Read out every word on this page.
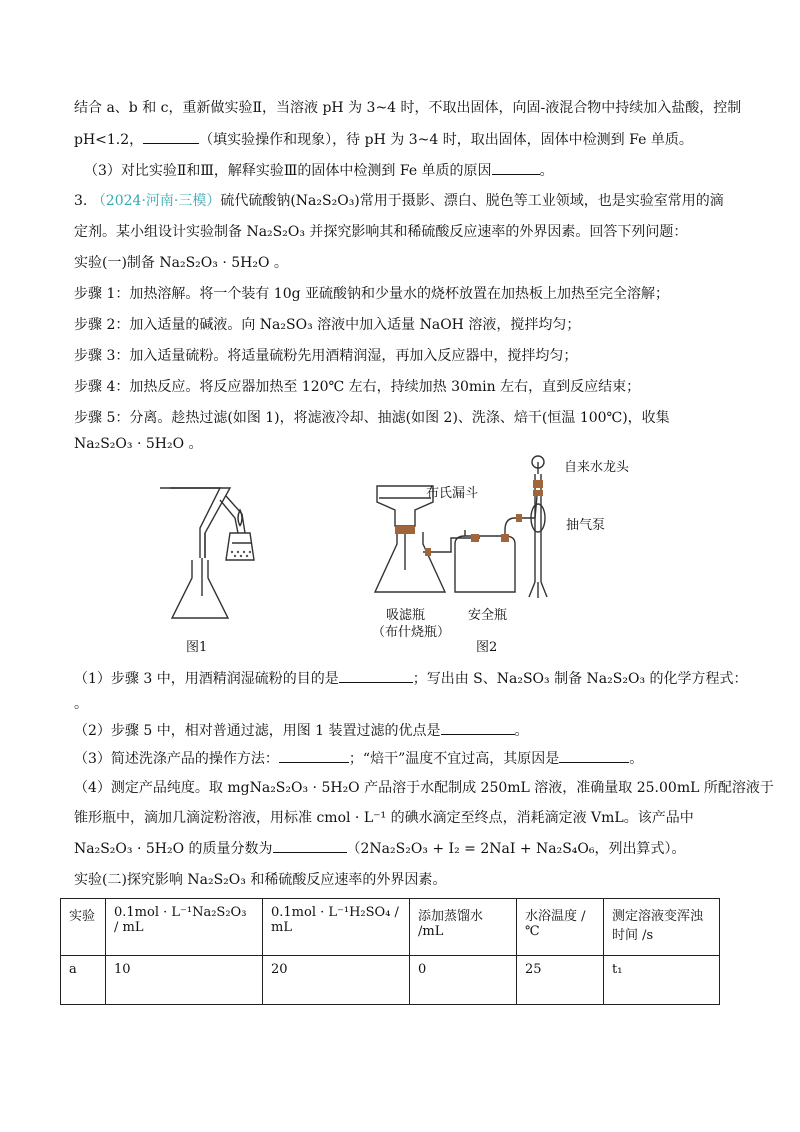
结合 a、b 和 c，重新做实验Ⅱ，当溶液 pH 为 3~4 时，不取出固体，向固-液混合物中持续加入盐酸，控制
pH<1.2，	（填实验操作和现象），待 pH 为 3~4 时，取出固体，固体中检测到 Fe 单质。
（3）对比实验Ⅱ和Ⅲ，解释实验Ⅲ的固体中检测到 Fe 单质的原因	。
3. （2024·河南·三模）硫代硫酸钠(Na₂S₂O₃)常用于摄影、漂白、脱色等工业领域，也是实验室常用的滴
定剂。某小组设计实验制备 Na₂S₂O₃ 并探究影响其和稀硫酸反应速率的外界因素。回答下列问题：
实验(一)制备 Na₂S₂O₃ · 5H₂O 。
步骤 1：加热溶解。将一个装有 10g 亚硫酸钠和少量水的烧杯放置在加热板上加热至完全溶解；
步骤 2：加入适量的碱液。向 Na₂SO₃ 溶液中加入适量 NaOH 溶液，搅拌均匀；
步骤 3：加入适量硫粉。将适量硫粉先用酒精润湿，再加入反应器中，搅拌均匀；
步骤 4：加热反应。将反应器加热至 120℃ 左右，持续加热 30min 左右，直到反应结束；
步骤 5：分离。趁热过滤(如图 1)，将滤液冷却、抽滤(如图 2)、洗涤、焙干(恒温 100℃)，收集
Na₂S₂O₃ · 5H₂O 。
图1
布氏漏斗
自来水龙头
抽气泵
吸滤瓶
（布什烧瓶）
安全瓶
图2
（1）步骤 3 中，用酒精润湿硫粉的目的是	；写出由 S、Na₂SO₃ 制备 Na₂S₂O₃ 的化学方程式：
。
（2）步骤 5 中，相对普通过滤，用图 1 装置过滤的优点是	。
（3）简述洗涤产品的操作方法：	；“焙干”温度不宜过高，其原因是	。
（4）测定产品纯度。取 mgNa₂S₂O₃ · 5H₂O 产品溶于水配制成 250mL 溶液，准确量取 25.00mL 所配溶液于
锥形瓶中，滴加几滴淀粉溶液，用标准 cmol · L⁻¹ 的碘水滴定至终点，消耗滴定液 VmL。该产品中
Na₂S₂O₃ · 5H₂O 的质量分数为	（2Na₂S₂O₃ + I₂ = 2NaI + Na₂S₄O₆，列出算式）。
实验(二)探究影响 Na₂S₂O₃ 和稀硫酸反应速率的外界因素。
实验	0.1mol · L⁻¹Na₂S₂O₃ / mL	0.1mol · L⁻¹H₂SO₄ / mL	添加蒸馏水 /mL	水浴温度 /℃	测定溶液变浑浊时间 /s
a	10	20	0	25	t₁
